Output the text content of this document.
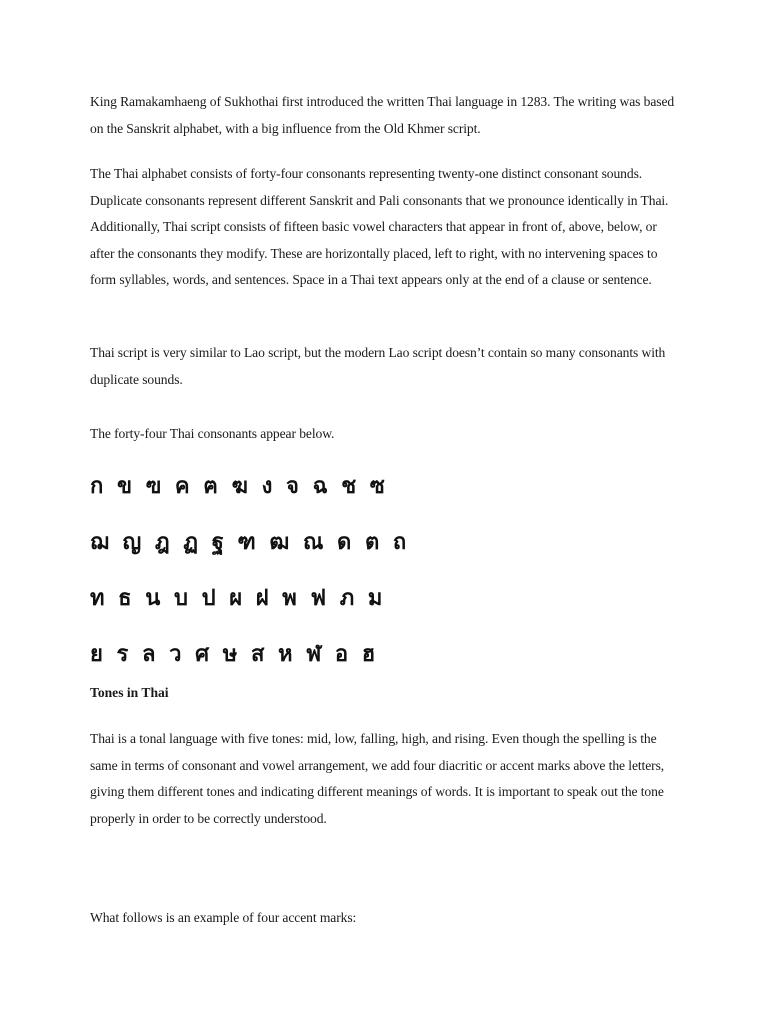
King Ramakamhaeng of Sukhothai first introduced the written Thai language in 1283. The writing was based on the Sanskrit alphabet, with a big influence from the Old Khmer script.

The Thai alphabet consists of forty-four consonants representing twenty-one distinct consonant sounds. Duplicate consonants represent different Sanskrit and Pali consonants that we pronounce identically in Thai. Additionally, Thai script consists of fifteen basic vowel characters that appear in front of, above, below, or after the consonants they modify. These are horizontally placed, left to right, with no intervening spaces to form syllables, words, and sentences. Space in a Thai text appears only at the end of a clause or sentence.

Thai script is very similar to Lao script, but the modern Lao script doesn’t contain so many consonants with duplicate sounds.

The forty-four Thai consonants appear below.

ก ข ฃ ค ฅ ฆ ง จ ฉ ช ซ

ฌ ญ ฎ ฏ ฐ ฑ ฒ ณ ด ต ถ

ท ธ น บ ป ผ ฝ พ ฟ ภ ม

ย ร ล ว ศ ษ ส ห ฬ อ ฮ

Tones in Thai

Thai is a tonal language with five tones: mid, low, falling, high, and rising. Even though the spelling is the same in terms of consonant and vowel arrangement, we add four diacritic or accent marks above the letters, giving them different tones and indicating different meanings of words. It is important to speak out the tone properly in order to be correctly understood.

What follows is an example of four accent marks:
